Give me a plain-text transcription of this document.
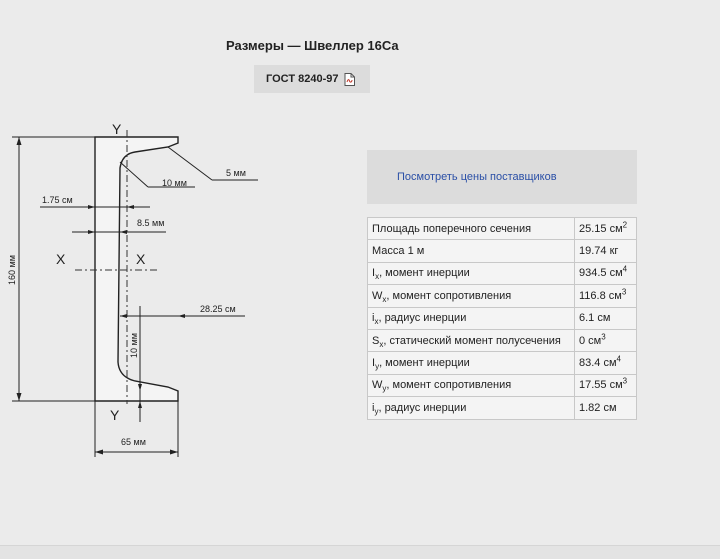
Размеры — Швеллер 16Са
ГОСТ 8240-97
Y
Y
X	X
160 мм
65 мм
1.75 см
8.5 мм
28.25 см
10 мм
10 мм
5 мм	Посмотреть цены поставщиков
Площадь поперечного сечения	25.15 $см^2$
Масса 1 м	19.74 кг
$I_x$, момент инерции	934.5 $см^4$
$W_x$, момент сопротивления	116.8 $см^3$
$i_x$, радиус инерции	6.1 см
$S_x$, статический момент полусечения	0 $см^3$
$I_y$, момент инерции	83.4 $см^4$
$W_y$, момент сопротивления	17.55 $см^3$
$i_y$, радиус инерции	1.82 см
